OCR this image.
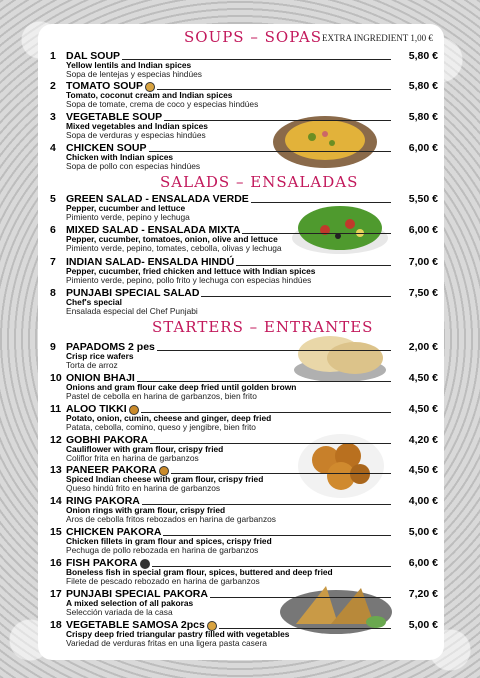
SOUPS – SOPAS EXTRA INGREDIENT 1,00 €
SALADS – ENSALADAS
STARTERS – ENTRANTES
1 DAL SOUP	5,80 €
Yellow lentils and Indian spices
Sopa de lentejas y especias hindúes
2 TOMATO SOUP	5,80 €
Tomato, coconut cream and Indian spices
Sopa de tomate, crema de coco y especias hindúes
3 VEGETABLE SOUP	5,80 €
Mixed vegetables and Indian spices
Sopa de verduras y especias hindúes
4 CHICKEN SOUP	6,00 €
Chicken with Indian spices
Sopa de pollo con especias hindúes
5 GREEN SALAD - ENSALADA VERDE	5,50 €
Pepper, cucumber and lettuce
Pimiento verde, pepino y lechuga
6 MIXED SALAD - ENSALADA MIXTA	6,00 €
Pepper, cucumber, tomatoes, onion, olive and lettuce
Pimiento verde, pepino, tomates, cebolla, olivas y lechuga
7 INDIAN SALAD- ENSALDA HINDÚ	7,00 €
Pepper, cucumber, fried chicken and lettuce with Indian spices
Pimiento verde, pepino, pollo frito y lechuga con especias hindúes
8 PUNJABI SPECIAL SALAD	7,50 €
Chef's special
Ensalada especial del Chef Punjabi
9 PAPADOMS 2 pes	2,00 €
Crisp rice wafers
Torta de arroz
10 ONION BHAJI	4,50 €
Onions and gram flour cake deep fried until golden brown
Pastel de cebolla en harina de garbanzos, bien frito
11 ALOO TIKKI	4,50 €
Potato, onion, cumin, cheese and ginger, deep fried
Patata, cebolla, comino, queso y jengibre, bien frito
12 GOBHI PAKORA	4,20 €
Cauliflower with gram flour, crispy fried
Coliflor frita en harina de garbanzos
13 PANEER PAKORA	4,50 €
Spiced Indian cheese with gram flour, crispy fried
Queso hindú frito en harina de garbanzos
14 RING PAKORA	4,00 €
Onion rings with gram flour, crispy fried
Aros de cebolla fritos rebozados en harina de garbanzos
15 CHICKEN PAKORA	5,00 €
Chicken fillets in gram flour and spices, crispy fried
Pechuga de pollo rebozada en harina de garbanzos
16 FISH PAKORA	6,00 €
Boneless fish in special gram flour, spices, buttered and deep fried
Filete de pescado rebozado en harina de garbanzos
17 PUNJABI SPECIAL PAKORA	7,20 €
A mixed selection of all pakoras
Selección variada de la casa
18 VEGETABLE SAMOSA 2pcs	5,00 €
Crispy deep fried triangular pastry filled with vegetables
Variedad de verduras fritas en una ligera pasta casera
